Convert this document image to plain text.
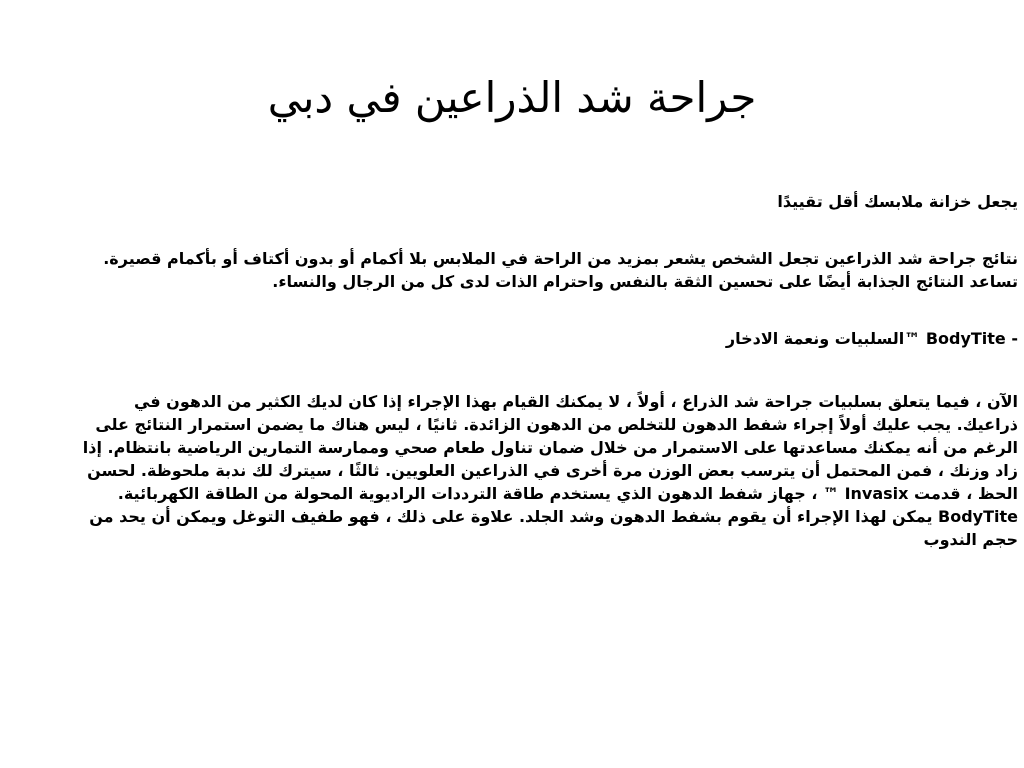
جراحة شد الذراعين في دبي

يجعل خزانة ملابسك أقل تقييدًا

نتائج جراحة شد الذراعين تجعل الشخص يشعر بمزيد من الراحة في الملابس بلا أكمام أو بدون أكتاف أو بأكمام قصيرة. تساعد النتائج الجذابة أيضًا على تحسين الثقة بالنفس واحترام الذات لدى كل من الرجال والنساء.

- BodyTite ™السلبيات ونعمة الادخار

الآن ، فيما يتعلق بسلبيات جراحة شد الذراع ، أولاً ، لا يمكنك القيام بهذا الإجراء إذا كان لديك الكثير من الدهون في ذراعيك. يجب عليك أولاً إجراء شفط الدهون للتخلص من الدهون الزائدة. ثانيًا ، ليس هناك ما يضمن استمرار النتائج على الرغم من أنه يمكنك مساعدتها على الاستمرار من خلال ضمان تناول طعام صحي وممارسة التمارين الرياضية بانتظام. إذا زاد وزنك ، فمن المحتمل أن يترسب بعض الوزن مرة أخرى في الذراعين العلويين. ثالثًا ، سيترك لك ندبة ملحوظة. لحسن الحظ ، قدمت Invasix ™ ، جهاز شفط الدهون الذي يستخدم طاقة الترددات الراديوية المحولة من الطاقة الكهربائية. BodyTite يمكن لهذا الإجراء أن يقوم بشفط الدهون وشد الجلد. علاوة على ذلك ، فهو طفيف التوغل ويمكن أن يحد من حجم الندوب
